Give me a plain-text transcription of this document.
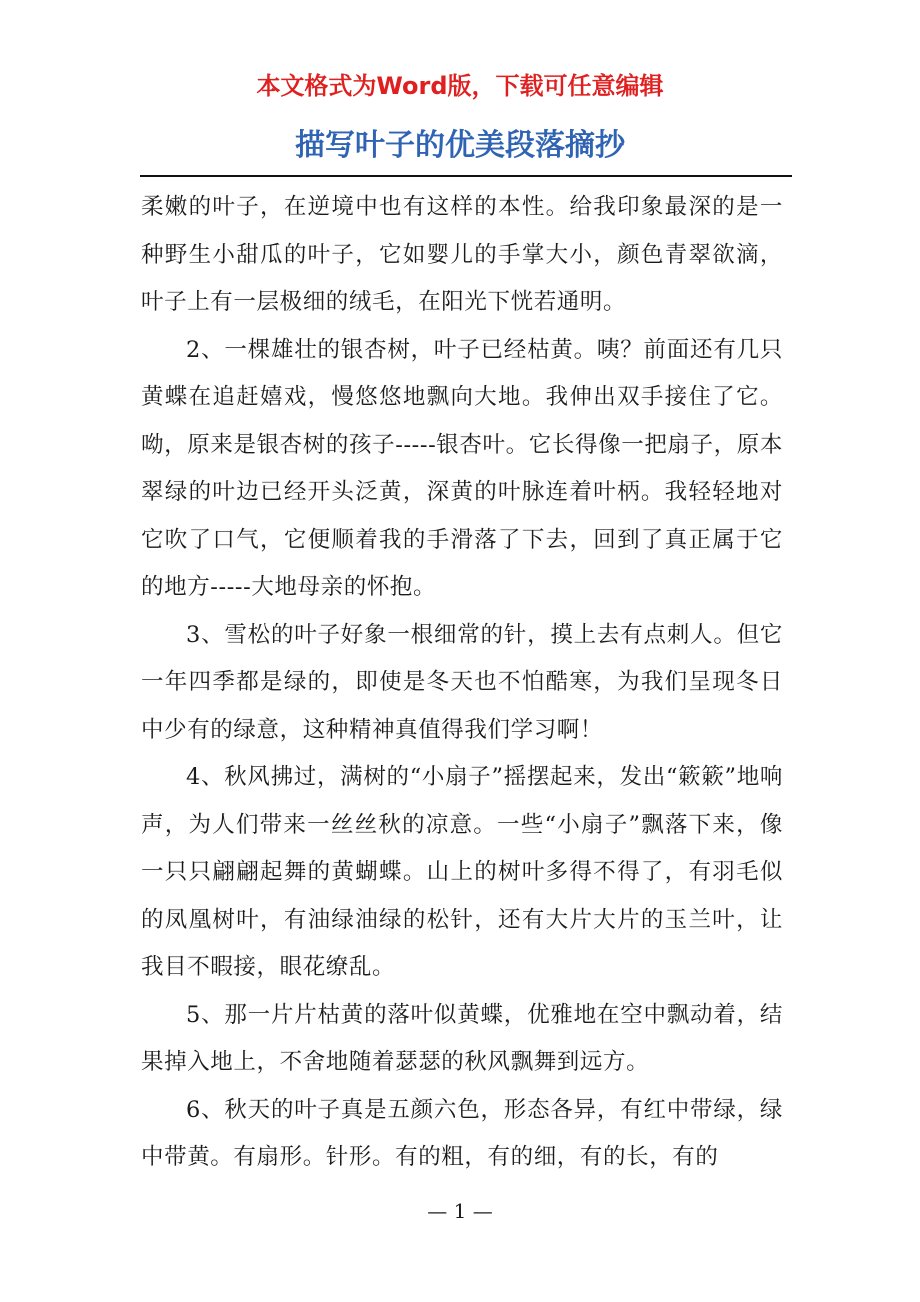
本文格式为Word版，下载可任意编辑
描写叶子的优美段落摘抄

柔嫩的叶子，在逆境中也有这样的本性。给我印象最深的是一种野生小甜瓜的叶子，它如婴儿的手掌大小，颜色青翠欲滴，叶子上有一层极细的绒毛，在阳光下恍若通明。

2、一棵雄壮的银杏树，叶子已经枯黄。咦？前面还有几只黄蝶在追赶嬉戏，慢悠悠地飘向大地。我伸出双手接住了它。呦，原来是银杏树的孩子-----银杏叶。它长得像一把扇子，原本翠绿的叶边已经开头泛黄，深黄的叶脉连着叶柄。我轻轻地对它吹了口气，它便顺着我的手滑落了下去，回到了真正属于它的地方-----大地母亲的怀抱。

3、雪松的叶子好象一根细常的针，摸上去有点刺人。但它一年四季都是绿的，即使是冬天也不怕酷寒，为我们呈现冬日中少有的绿意，这种精神真值得我们学习啊！

4、秋风拂过，满树的“小扇子”摇摆起来，发出“簌簌”地响声，为人们带来一丝丝秋的凉意。一些“小扇子”飘落下来，像一只只翩翩起舞的黄蝴蝶。山上的树叶多得不得了，有羽毛似的凤凰树叶，有油绿油绿的松针，还有大片大片的玉兰叶，让我目不暇接，眼花缭乱。

5、那一片片枯黄的落叶似黄蝶，优雅地在空中飘动着，结果掉入地上，不舍地随着瑟瑟的秋风飘舞到远方。

6、秋天的叶子真是五颜六色，形态各异，有红中带绿，绿中带黄。有扇形。针形。有的粗，有的细，有的长，有的

— 1 —
